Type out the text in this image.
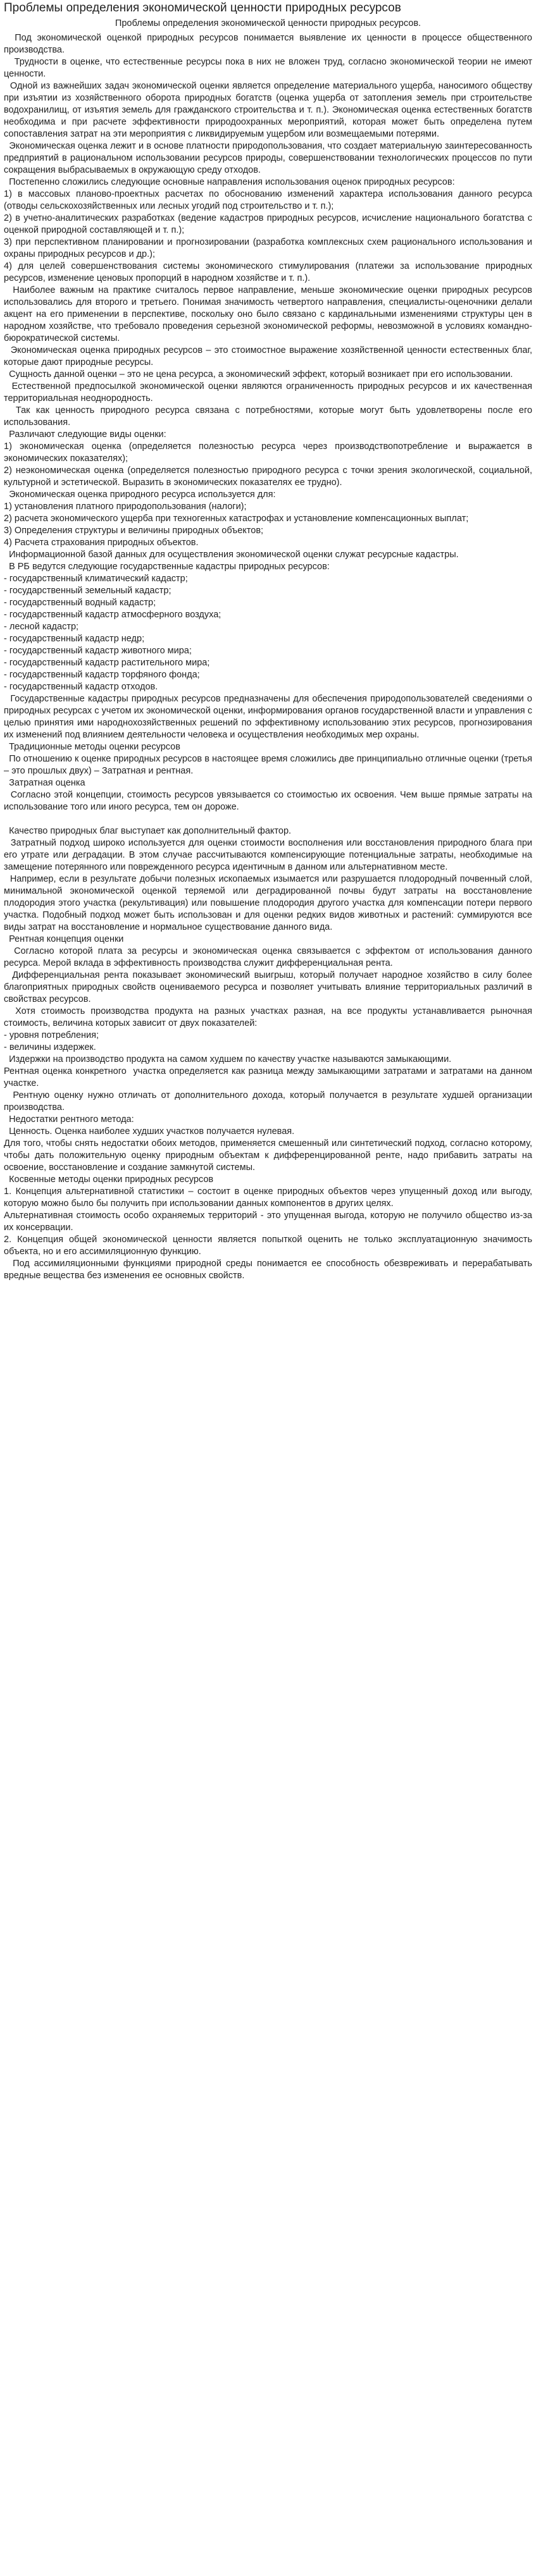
Проблемы определения экономической ценности природных ресурсов
Проблемы определения экономической ценности природных ресурсов.

Под экономической оценкой природных ресурсов понимается выявление их ценности в процессе общественного производства.

Трудности в оценке, что естественные ресурсы пока в них не вложен труд, согласно экономической теории не имеют ценности.

Одной из важнейших задач экономической оценки является определение материального ущерба, наносимого обществу при изъятии из хозяйственного оборота природных богатств (оценка ущерба от затопления земель при строительстве водохранилищ, от изъятия земель для гражданского строительства и т. п.). Экономическая оценка естественных богатств необходима и при расчете эффективности природоохранных мероприятий, которая может быть определена путем сопоставления затрат на эти мероприятия с ликвидируемым ущербом или возмещаемыми потерями.

Экономическая оценка лежит и в основе платности природопользования, что создает материальную заинтересованность предприятий в рациональном использовании ресурсов природы, совершенствовании технологических процессов по пути сокращения выбрасываемых в окружающую среду отходов.

Постепенно сложились следующие основные направления использования оценок природных ресурсов:

1) в массовых планово-проектных расчетах по обоснованию изменений характера использования данного ресурса (отводы сельскохозяйственных или лесных угодий под строительство и т. п.);

2) в учетно-аналитических разработках (ведение кадастров природных ресурсов, исчисление национального богатства с оценкой природной составляющей и т. п.);

3) при перспективном планировании и прогнозировании (разработка комплексных схем рационального использования и охраны природных ресурсов и др.);

4) для целей совершенствования системы экономического стимулирования (платежи за использование природных ресурсов, изменение ценовых пропорций в народном хозяйстве и т. п.).

Наиболее важным на практике считалось первое направление, меньше экономические оценки природных ресурсов использовались для второго и третьего. Понимая значимость четвертого направления, специалисты-оценочники делали акцент на его применении в перспективе, поскольку оно было связано с кардинальными изменениями структуры цен в народном хозяйстве, что требовало проведения серьезной экономической реформы, невозможной в условиях командно-бюрократической системы.

Экономическая оценка природных ресурсов – это стоимостное выражение хозяйственной ценности естественных благ, которые дают природные ресурсы.

Сущность данной оценки – это не цена ресурса, а экономический эффект, который возникает при его использовании.

Естественной предпосылкой экономической оценки являются ограниченность природных ресурсов и их качественная территориальная неоднородность.

Так как ценность природного ресурса связана с потребностями, которые могут быть удовлетворены после его использования.

Различают следующие виды оценки:

1) экономическая оценка (определяется полезностью ресурса через производствопотребление и выражается в экономических показателях);

2) неэкономическая оценка (определяется полезностью природного ресурса с точки зрения экологической, социальной, культурной и эстетической. Выразить в экономических показателях ее трудно).

Экономическая оценка природного ресурса используется для:

1) установления платного природопользования (налоги);

2) расчета экономического ущерба при техногенных катастрофах и установление компенсационных выплат;

3) Определения структуры и величины природных объектов;

4) Расчета страхования природных объектов.

Информационной базой данных для осуществления экономической оценки служат ресурсные кадастры.

В РБ ведутся следующие государственные кадастры природных ресурсов:

- государственный климатический кадастр;

- государственный земельный кадастр;

- государственный водный кадастр;

- государственный кадастр атмосферного воздуха;

- лесной кадастр;

- государственный кадастр недр;

- государственный кадастр животного мира;

- государственный кадастр растительного мира;

- государственный кадастр торфяного фонда;

- государственный кадастр отходов.

Государственные кадастры природных ресурсов предназначены для обеспечения природопользователей сведениями о природных ресурсах с учетом их экономической оценки, информирования органов государственной власти и управления с целью принятия ими народнохозяйственных решений по эффективному использованию этих ресурсов, прогнозирования их изменений под влиянием деятельности человека и осуществления необходимых мер охраны.

Традиционные методы оценки ресурсов

По отношению к оценке природных ресурсов в настоящее время сложились две принципиально отличные оценки (третья – это прошлых двух) – Затратная и рентная.

Затратная оценка

Согласно этой концепции, стоимость ресурсов увязывается со стоимостью их освоения. Чем выше прямые затраты на использование того или иного ресурса, тем он дороже.

Качество природных благ выступает как дополнительный фактор.

Затратный подход широко используется для оценки стоимости восполнения или восстановления природного блага при его утрате или деградации. В этом случае рассчитываются компенсирующие потенциальные затраты, необходимые на замещение потерянного или поврежденного ресурса идентичным в данном или альтернативном месте.

Например, если в результате добычи полезных ископаемых изымается или разрушается плодородный почвенный слой, минимальной экономической оценкой теряемой или деградированной почвы будут затраты на восстановление плодородия этого участка (рекультивация) или повышение плодородия другого участка для компенсации потери первого участка. Подобный подход может быть использован и для оценки редких видов животных и растений: суммируются все виды затрат на восстановление и нормальное существование данного вида.

Рентная концепция оценки

Согласно которой плата за ресурсы и экономическая оценка связывается с эффектом от использования данного ресурса. Мерой вклада в эффективность производства служит дифференциальная рента.

Дифференциальная рента показывает экономический выигрыш, который получает народное хозяйство в силу более благоприятных природных свойств оцениваемого ресурса и позволяет учитывать влияние территориальных различий в свойствах ресурсов.

Хотя стоимость производства продукта на разных участках разная, на все продукты устанавливается рыночная стоимость, величина которых зависит от двух показателей:

- уровня потребления;

- величины издержек.

Издержки на производство продукта на самом худшем по качеству участке называются замыкающими.

Рентная оценка конкретного  участка определяется как разница между замыкающими затратами и затратами на данном участке.

Рентную оценку нужно отличать от дополнительного дохода, который получается в результате худшей организации производства.

Недостатки рентного метода:

Ценность. Оценка наиболее худших участков получается нулевая.

Для того, чтобы снять недостатки обоих методов, применяется смешенный или синтетический подход, согласно которому, чтобы дать положительную оценку природным объектам к дифференцированной ренте, надо прибавить затраты на освоение, восстановление и создание замкнутой системы.

Косвенные методы оценки природных ресурсов

1. Концепция альтернативной статистики – состоит в оценке природных объектов через упущенный доход или выгоду, которую можно было бы получить при использовании данных компонентов в других целях.

Альтернативная стоимость особо охраняемых территорий - это упущенная выгода, которую не получило общество из-за их консервации.

2. Концепция общей экономической ценности является попыткой оценить не только эксплуатационную значимость объекта, но и его ассимиляционную функцию.

Под ассимиляционными функциями природной среды понимается ее способность обезвреживать и перерабатывать вредные вещества без изменения ее основных свойств.
